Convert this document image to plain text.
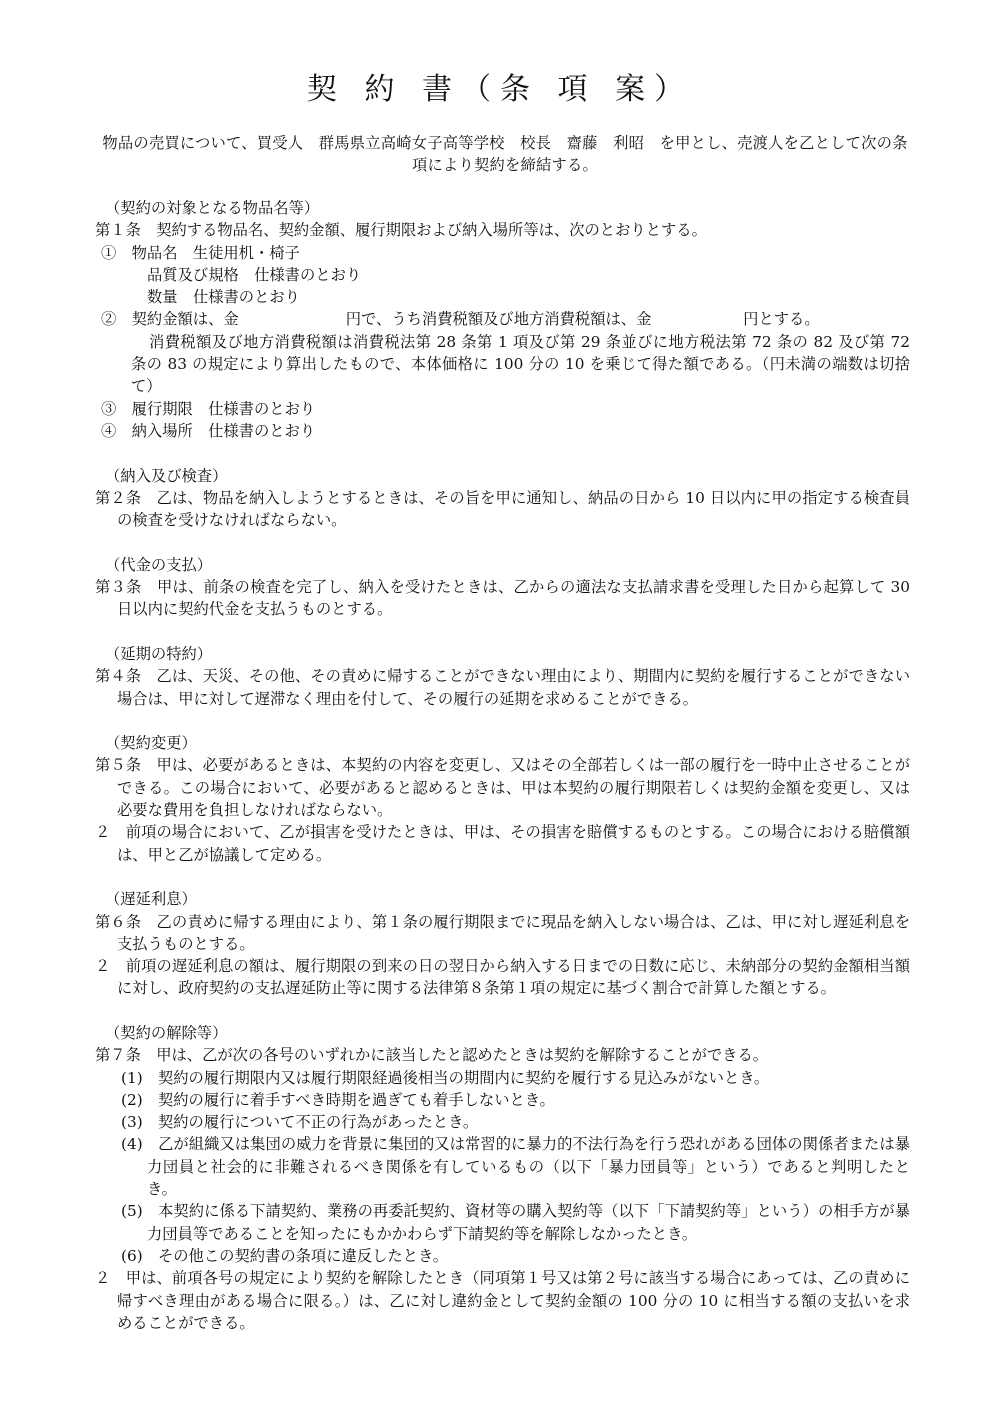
契 約 書（条 項 案）
物品の売買について、買受人　群馬県立高崎女子高等学校　校長　齋藤　利昭　を甲とし、売渡人を乙として次の条項により契約を締結する。
（契約の対象となる物品名等）
第１条　契約する物品名、契約金額、履行期限および納入場所等は、次のとおりとする。
①　物品名　生徒用机・椅子
品質及び規格　仕様書のとおり
数量　仕様書のとおり
②　契約金額は、金　　　　　　　円で、うち消費税額及び地方消費税額は、金　　　　　　円とする。
消費税額及び地方消費税額は消費税法第 28 条第 1 項及び第 29 条並びに地方税法第 72 条の 82 及び第 72 条の 83 の規定により算出したもので、本体価格に 100 分の 10 を乗じて得た額である。（円未満の端数は切捨て）
③　履行期限　仕様書のとおり
④　納入場所　仕様書のとおり
（納入及び検査）
第２条　乙は、物品を納入しようとするときは、その旨を甲に通知し、納品の日から 10 日以内に甲の指定する検査員の検査を受けなければならない。
（代金の支払）
第３条　甲は、前条の検査を完了し、納入を受けたときは、乙からの適法な支払請求書を受理した日から起算して 30 日以内に契約代金を支払うものとする。
（延期の特約）
第４条　乙は、天災、その他、その責めに帰することができない理由により、期間内に契約を履行することができない場合は、甲に対して遅滞なく理由を付して、その履行の延期を求めることができる。
（契約変更）
第５条　甲は、必要があるときは、本契約の内容を変更し、又はその全部若しくは一部の履行を一時中止させることができる。この場合において、必要があると認めるときは、甲は本契約の履行期限若しくは契約金額を変更し、又は必要な費用を負担しなければならない。
２　前項の場合において、乙が損害を受けたときは、甲は、その損害を賠償するものとする。この場合における賠償額は、甲と乙が協議して定める。
（遅延利息）
第６条　乙の責めに帰する理由により、第１条の履行期限までに現品を納入しない場合は、乙は、甲に対し遅延利息を支払うものとする。
２　前項の遅延利息の額は、履行期限の到来の日の翌日から納入する日までの日数に応じ、未納部分の契約金額相当額に対し、政府契約の支払遅延防止等に関する法律第８条第１項の規定に基づく割合で計算した額とする。
（契約の解除等）
第７条　甲は、乙が次の各号のいずれかに該当したと認めたときは契約を解除することができる。
(1)　契約の履行期限内又は履行期限経過後相当の期間内に契約を履行する見込みがないとき。
(2)　契約の履行に着手すべき時期を過ぎても着手しないとき。
(3)　契約の履行について不正の行為があったとき。
(4)　乙が組織又は集団の威力を背景に集団的又は常習的に暴力的不法行為を行う恐れがある団体の関係者または暴力団員と社会的に非難されるべき関係を有しているもの（以下「暴力団員等」という）であると判明したとき。
(5)　本契約に係る下請契約、業務の再委託契約、資材等の購入契約等（以下「下請契約等」という）の相手方が暴力団員等であることを知ったにもかかわらず下請契約等を解除しなかったとき。
(6)　その他この契約書の条項に違反したとき。
２　甲は、前項各号の規定により契約を解除したとき（同項第１号又は第２号に該当する場合にあっては、乙の責めに帰すべき理由がある場合に限る。）は、乙に対し違約金として契約金額の 100 分の 10 に相当する額の支払いを求めることができる。
